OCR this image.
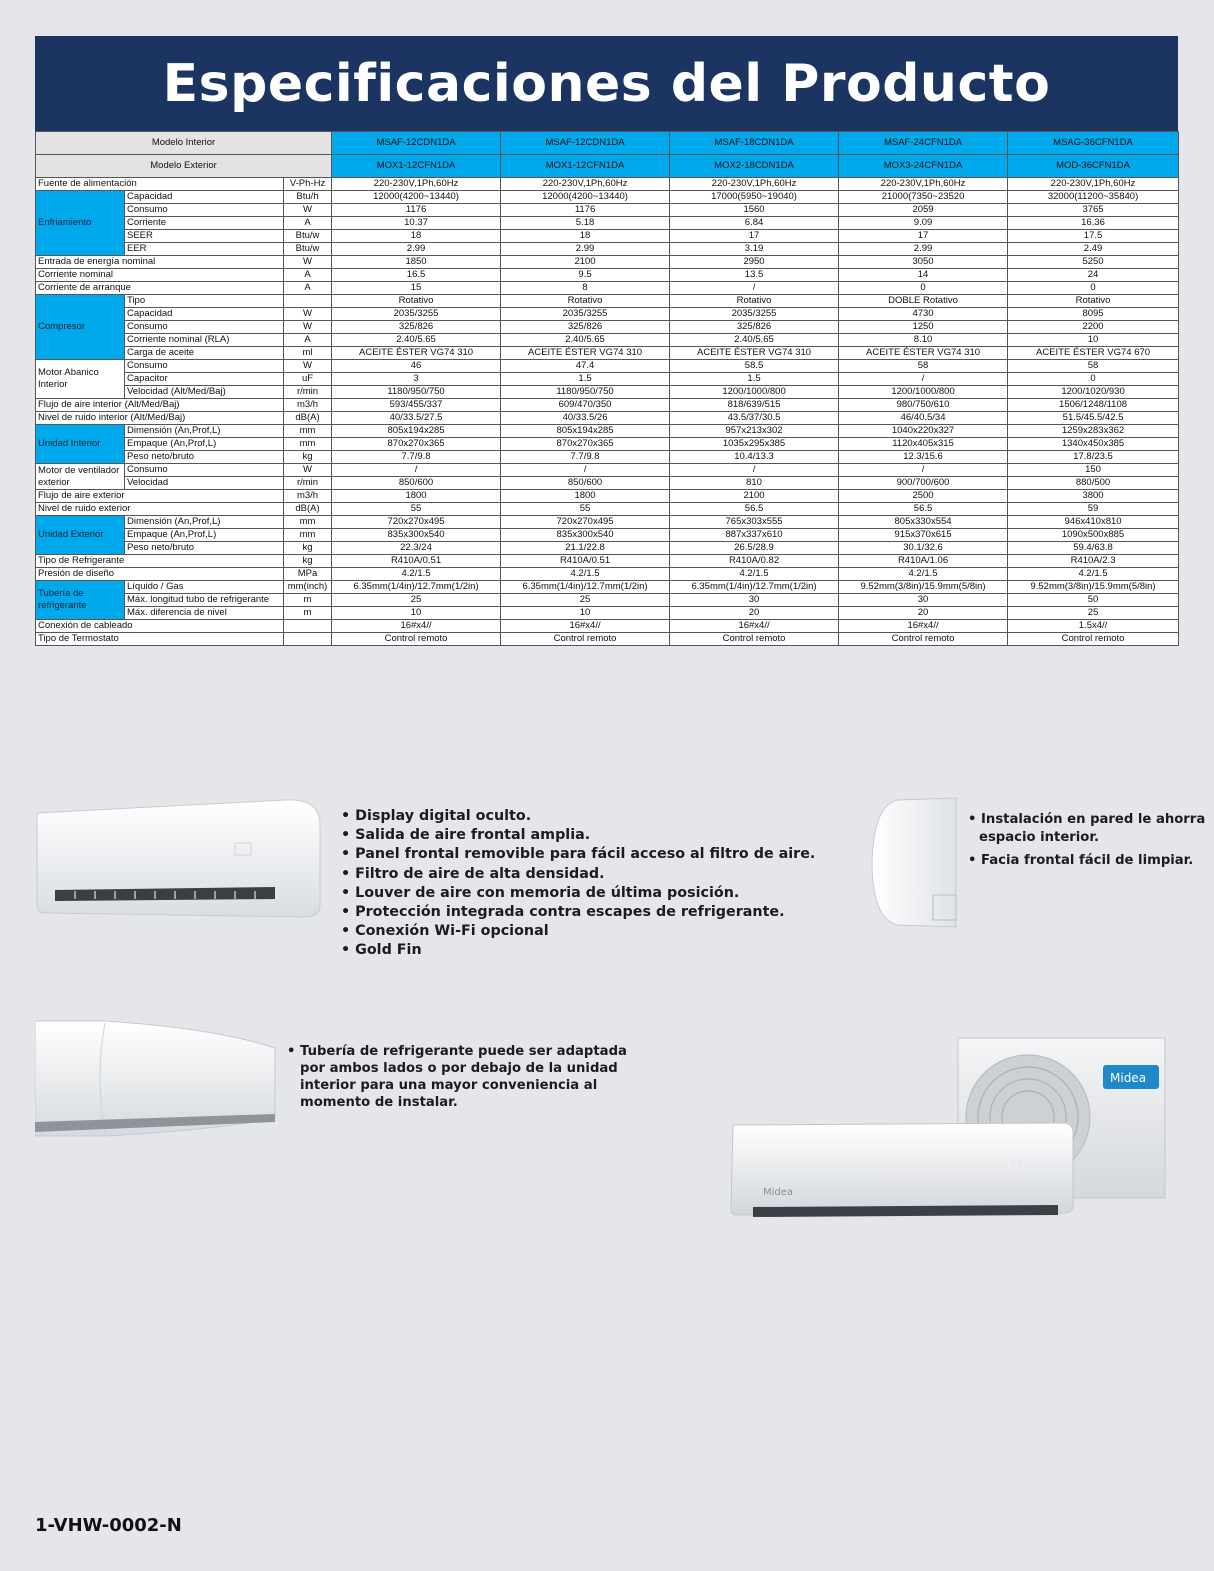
Especificaciones del Producto
Modelo Interior			MSAF-12CDN1DA	MSAF-12CDN1DA	MSAF-18CDN1DA	MSAF-24CFN1DA	MSAG-36CFN1DA
Modelo Exterior			MOX1-12CFN1DA	MOX1-12CFN1DA	MOX2-18CDN1DA	MOX3-24CFN1DA	MOD-36CFN1DA
Fuente de alimentación		V-Ph-Hz	220-230V,1Ph,60Hz	220-230V,1Ph,60Hz	220-230V,1Ph,60Hz	220-230V,1Ph,60Hz	220-230V,1Ph,60Hz
Enfriamiento	Capacidad	Btu/h	12000(4200~13440)	12000(4200~13440)	17000(5950~19040)	21000(7350~23520	32000(11200~35840)
	Consumo	W	1176	1176	1560	2059	3765
	Corriente	A	10.37	5.18	6.84	9.09	16.36
	SEER	Btu/w	18	18	17	17	17.5
	EER	Btu/w	2.99	2.99	3.19	2.99	2.49
Entrada de energía nominal		W	1850	2100	2950	3050	5250
Corriente nominal		A	16.5	9.5	13.5	14	24
Corriente de arranque		A	15	8	/	0	0
Compresor	Tipo		Rotativo	Rotativo	Rotativo	DOBLE Rotativo	Rotativo
	Capacidad	W	2035/3255	2035/3255	2035/3255	4730	8095
	Consumo	W	325/826	325/826	325/826	1250	2200
	Corriente nominal (RLA)	A	2.40/5.65	2.40/5.65	2.40/5.65	8.10	10
	Carga de aceite	ml	ACEITE ÉSTER VG74 310	ACEITE ÉSTER VG74 310	ACEITE ÉSTER VG74 310	ACEITE ÉSTER VG74 310	ACEITE ÉSTER VG74 670
Motor Abanico Interior	Consumo	W	46	47.4	58.5	58	58
	Capacitor	uF	3	1.5	1.5	/	0
	Velocidad (Alt/Med/Baj)	r/min	1180/950/750	1180/950/750	1200/1000/800	1200/1000/800	1200/1020/930
Flujo de aire interior (Alt/Med/Baj)		m3/h	593/455/337	609/470/350	818/639/515	980/750/610	1506/1248/1108
Nivel de ruido interior (Alt/Med/Baj)		dB(A)	40/33.5/27.5	40/33.5/26	43.5/37/30.5	46/40.5/34	51.5/45.5/42.5
Unidad Interior	Dimensión (An,Prof,L)	mm	805x194x285	805x194x285	957x213x302	1040x220x327	1259x283x362
	Empaque (An,Prof,L)	mm	870x270x365	870x270x365	1035x295x385	1120x405x315	1340x450x385
	Peso neto/bruto	kg	7.7/9.8	7.7/9.8	10.4/13.3	12.3/15.6	17.8/23.5
Motor de ventilador exterior	Consumo	W	/	/	/	/	150
	Velocidad	r/min	850/600	850/600	810	900/700/600	880/500
Flujo de aire exterior		m3/h	1800	1800	2100	2500	3800
Nivel de ruido exterior		dB(A)	55	55	56.5	56.5	59
Unidad Exterior	Dimensión (An,Prof,L)	mm	720x270x495	720x270x495	765x303x555	805x330x554	946x410x810
	Empaque (An,Prof,L)	mm	835x300x540	835x300x540	887x337x610	915x370x615	1090x500x885
	Peso neto/bruto	kg	22.3/24	21.1/22.8	26.5/28.9	30.1/32.6	59.4/63.8
Tipo de Refrigerante		kg	R410A/0.51	R410A/0.51	R410A/0.82	R410A/1.06	R410A/2.3
Presión de diseño		MPa	4.2/1.5	4.2/1.5	4.2/1.5	4.2/1.5	4.2/1.5
Tubería de refrigerante	Líquido / Gas	mm(inch)	6.35mm(1/4in)/12.7mm(1/2in)	6.35mm(1/4in)/12.7mm(1/2in)	6.35mm(1/4in)/12.7mm(1/2in)	9.52mm(3/8in)/15.9mm(5/8in)	9.52mm(3/8in)/15.9mm(5/8in)
	Máx. longitud tubo de refrigerante	m	25	25	30	30	50
	Máx. diferencia de nivel	m	10	10	20	20	25
Conexión de cableado			16#x4//	16#x4//	16#x4//	16#x4//	1.5x4//
Tipo de Termostato			Control remoto	Control remoto	Control remoto	Control remoto	Control remoto
Midea
Midea
88
• Display digital oculto.
• Salida de aire frontal amplia.
• Panel frontal removible para fácil acceso al filtro de aire.
• Filtro de aire de alta densidad.
• Louver de aire con memoria de última posición.
• Protección integrada contra escapes de refrigerante.
• Conexión Wi-Fi opcional
• Gold Fin
• Instalación en pared le ahorra
espacio interior.
• Facia frontal fácil de limpiar.
• Tubería de refrigerante puede ser adaptada
por ambos lados o por debajo de la unidad
interior para una mayor conveniencia al
momento de instalar.
1-VHW-0002-N
